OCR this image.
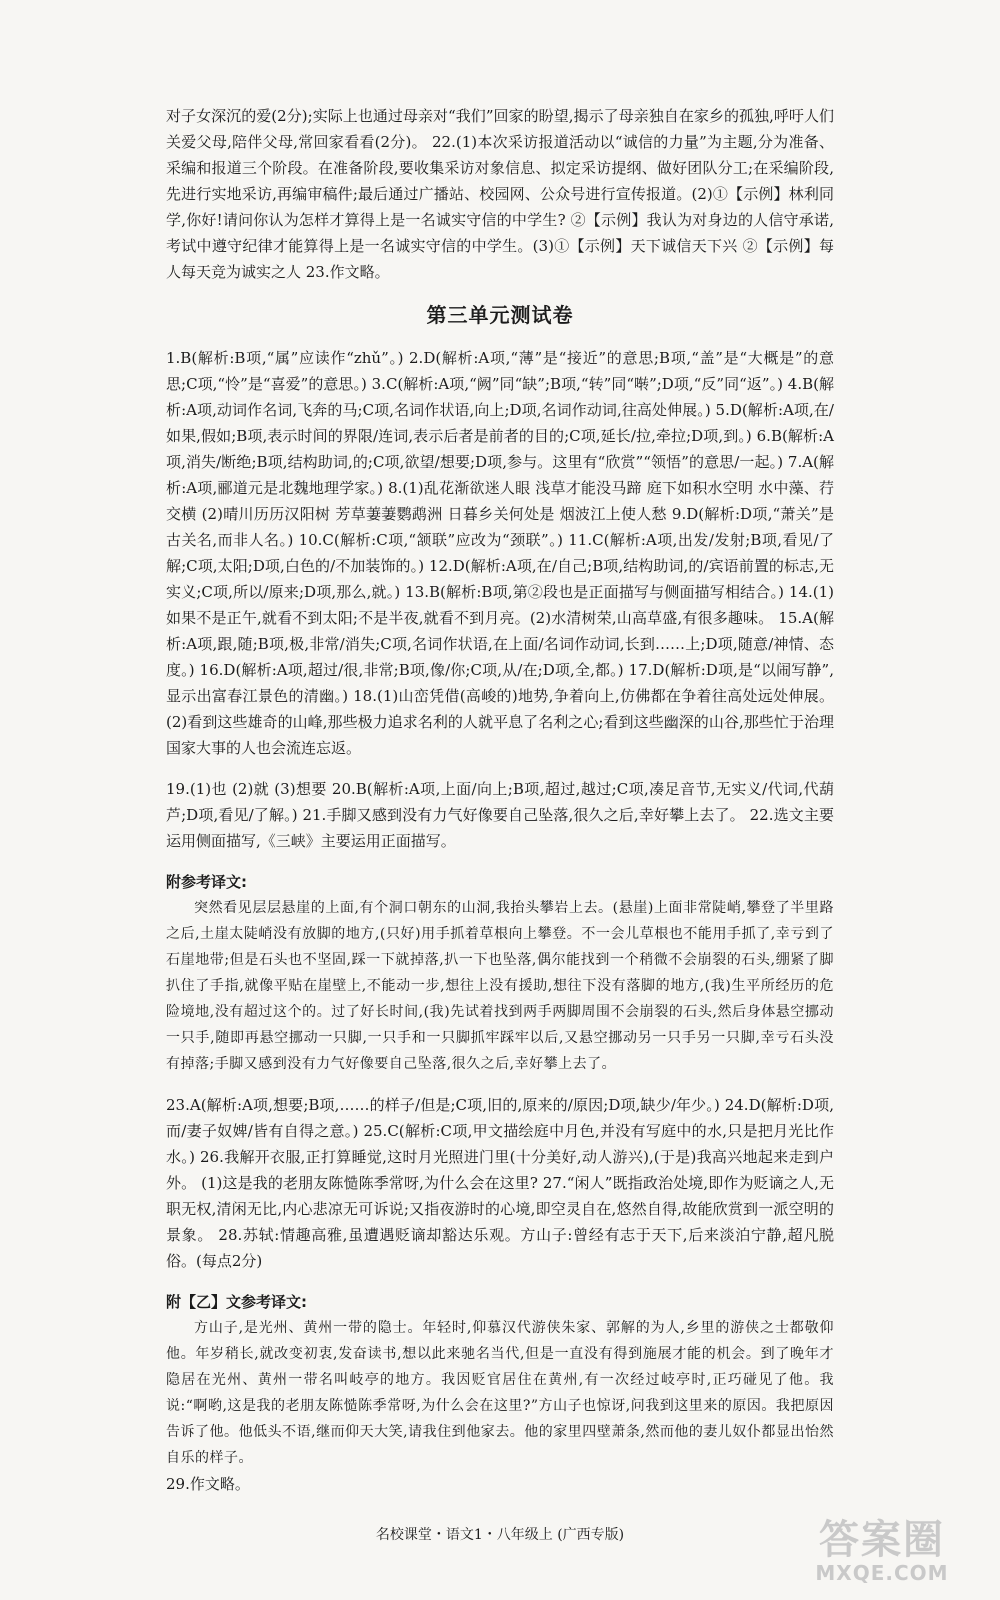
对子女深沉的爱(2分);实际上也通过母亲对“我们”回家的盼望,揭示了母亲独自在家乡的孤独,呼吁人们关爱父母,陪伴父母,常回家看看(2分)。 22.(1)本次采访报道活动以“诚信的力量”为主题,分为准备、采编和报道三个阶段。在准备阶段,要收集采访对象信息、拟定采访提纲、做好团队分工;在采编阶段,先进行实地采访,再编审稿件;最后通过广播站、校园网、公众号进行宣传报道。(2)①【示例】林利同学,你好!请问你认为怎样才算得上是一名诚实守信的中学生? ②【示例】我认为对身边的人信守承诺,考试中遵守纪律才能算得上是一名诚实守信的中学生。(3)①【示例】天下诚信天下兴 ②【示例】每人每天竞为诚实之人 23.作文略。

第三单元测试卷

1.B(解析:B项,“属”应读作“zhǔ”。) 2.D(解析:A项,“薄”是“接近”的意思;B项,“盖”是“大概是”的意思;C项,“怜”是“喜爱”的意思。) 3.C(解析:A项,“阙”同“缺”;B项,“转”同“啭”;D项,“反”同“返”。) 4.B(解析:A项,动词作名词,飞奔的马;C项,名词作状语,向上;D项,名词作动词,往高处伸展。) 5.D(解析:A项,在/如果,假如;B项,表示时间的界限/连词,表示后者是前者的目的;C项,延长/拉,牵拉;D项,到。) 6.B(解析:A项,消失/断绝;B项,结构助词,的;C项,欲望/想要;D项,参与。这里有“欣赏”“领悟”的意思/一起。) 7.A(解析:A项,郦道元是北魏地理学家。) 8.(1)乱花渐欲迷人眼 浅草才能没马蹄 庭下如积水空明 水中藻、荇交横 (2)晴川历历汉阳树 芳草萋萋鹦鹉洲 日暮乡关何处是 烟波江上使人愁 9.D(解析:D项,“萧关”是古关名,而非人名。) 10.C(解析:C项,“颔联”应改为“颈联”。) 11.C(解析:A项,出发/发射;B项,看见/了解;C项,太阳;D项,白色的/不加装饰的。) 12.D(解析:A项,在/自己;B项,结构助词,的/宾语前置的标志,无实义;C项,所以/原来;D项,那么,就。) 13.B(解析:B项,第②段也是正面描写与侧面描写相结合。) 14.(1)如果不是正午,就看不到太阳;不是半夜,就看不到月亮。(2)水清树荣,山高草盛,有很多趣味。 15.A(解析:A项,跟,随;B项,极,非常/消失;C项,名词作状语,在上面/名词作动词,长到……上;D项,随意/神情、态度。) 16.D(解析:A项,超过/很,非常;B项,像/你;C项,从/在;D项,全,都。) 17.D(解析:D项,是“以闹写静”,显示出富春江景色的清幽。) 18.(1)山峦凭借(高峻的)地势,争着向上,仿佛都在争着往高处远处伸展。(2)看到这些雄奇的山峰,那些极力追求名利的人就平息了名利之心;看到这些幽深的山谷,那些忙于治理国家大事的人也会流连忘返。

19.(1)也 (2)就 (3)想要 20.B(解析:A项,上面/向上;B项,超过,越过;C项,凑足音节,无实义/代词,代葫芦;D项,看见/了解。) 21.手脚又感到没有力气好像要自己坠落,很久之后,幸好攀上去了。 22.选文主要运用侧面描写,《三峡》主要运用正面描写。

附参考译文:

突然看见层层悬崖的上面,有个洞口朝东的山洞,我抬头攀岩上去。(悬崖)上面非常陡峭,攀登了半里路之后,土崖太陡峭没有放脚的地方,(只好)用手抓着草根向上攀登。不一会儿草根也不能用手抓了,幸亏到了石崖地带;但是石头也不坚固,踩一下就掉落,扒一下也坠落,偶尔能找到一个稍微不会崩裂的石头,绷紧了脚扒住了手指,就像平贴在崖壁上,不能动一步,想往上没有援助,想往下没有落脚的地方,(我)生平所经历的危险境地,没有超过这个的。过了好长时间,(我)先试着找到两手两脚周围不会崩裂的石头,然后身体悬空挪动一只手,随即再悬空挪动一只脚,一只手和一只脚抓牢踩牢以后,又悬空挪动另一只手另一只脚,幸亏石头没有掉落;手脚又感到没有力气好像要自己坠落,很久之后,幸好攀上去了。

23.A(解析:A项,想要;B项,……的样子/但是;C项,旧的,原来的/原因;D项,缺少/年少。) 24.D(解析:D项,而/妻子奴婢/皆有自得之意。) 25.C(解析:C项,甲文描绘庭中月色,并没有写庭中的水,只是把月光比作水。) 26.我解开衣服,正打算睡觉,这时月光照进门里(十分美好,动人游兴),(于是)我高兴地起来走到户外。 (1)这是我的老朋友陈慥陈季常呀,为什么会在这里? 27.“闲人”既指政治处境,即作为贬谪之人,无职无权,清闲无比,内心悲凉无可诉说;又指夜游时的心境,即空灵自在,悠然自得,故能欣赏到一派空明的景象。 28.苏轼:情趣高雅,虽遭遇贬谪却豁达乐观。方山子:曾经有志于天下,后来淡泊宁静,超凡脱俗。(每点2分)

附【乙】文参考译文:

方山子,是光州、黄州一带的隐士。年轻时,仰慕汉代游侠朱家、郭解的为人,乡里的游侠之士都敬仰他。年岁稍长,就改变初衷,发奋读书,想以此来驰名当代,但是一直没有得到施展才能的机会。到了晚年才隐居在光州、黄州一带名叫岐亭的地方。我因贬官居住在黄州,有一次经过岐亭时,正巧碰见了他。我说:“啊哟,这是我的老朋友陈慥陈季常呀,为什么会在这里?”方山子也惊讶,问我到这里来的原因。我把原因告诉了他。他低头不语,继而仰天大笑,请我住到他家去。他的家里四壁萧条,然而他的妻儿奴仆都显出怡然自乐的样子。

29.作文略。

名校课堂・语文1・八年级上 (广西专版)	答案圈
MXQE.COM
